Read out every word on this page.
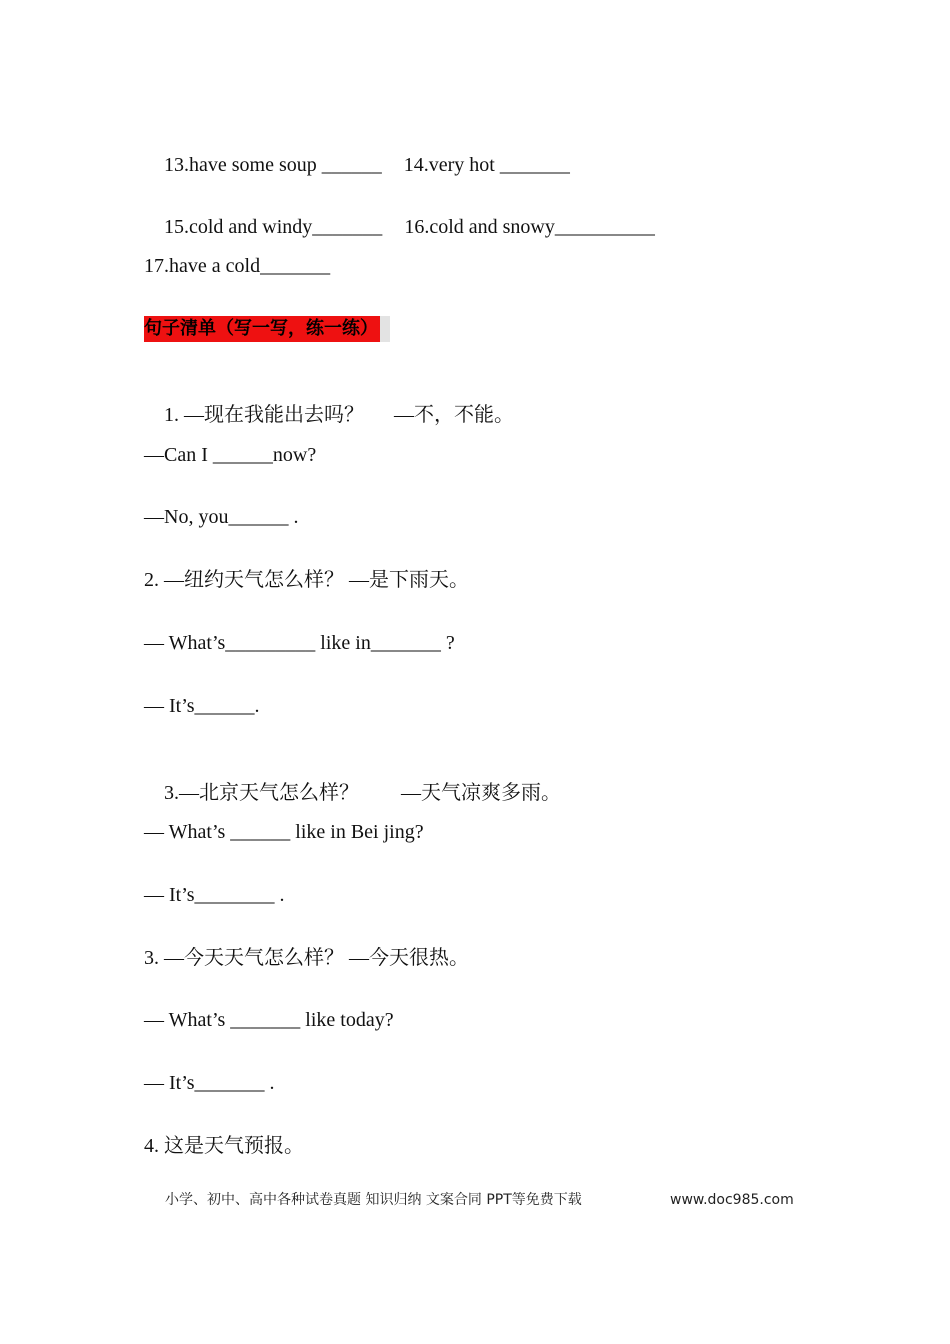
13.have some soup ______ 14.very hot _______

15.cold and windy_______ 16.cold and snowy__________

17.have a cold_______
句子清单（写一写，练一练）

1. —现在我能出去吗？ —不，不能。

—Can I ______now?
—No, you______ .
2. —纽约天气怎么样？ —是下雨天。
— What’s_________ like in_______ ?
— It’s______.

3.—北京天气怎么样？ —天气凉爽多雨。

— What’s ______ like in Bei jing?
— It’s________ .
3. —今天天气怎么样？ —今天很热。
— What’s _______ like today?
— It’s_______ .
4. 这是天气预报。
小学、初中、高中各种试卷真题 知识归纳 文案合同 PPT等免费下载	www.doc985.com
